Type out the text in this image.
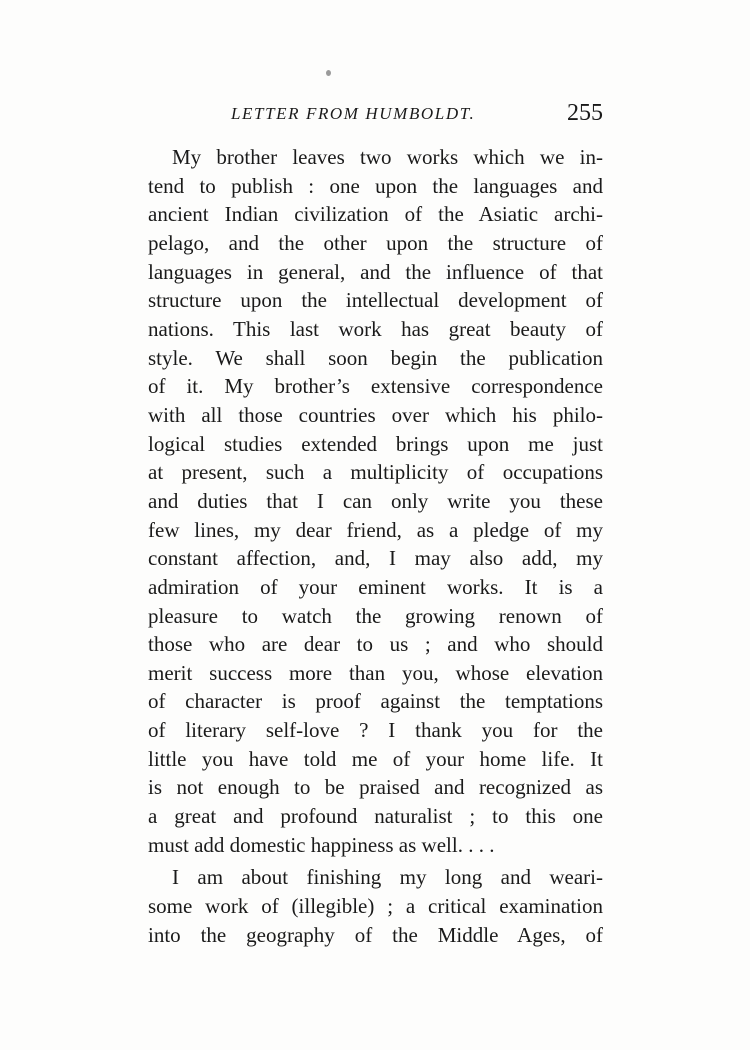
LETTER FROM HUMBOLDT.	255
My brother leaves two works which we in-
tend to publish : one upon the languages and
ancient Indian civilization of the Asiatic archi-
pelago, and the other upon the structure of
languages in general, and the influence of that
structure upon the intellectual development of
nations. This last work has great beauty of
style. We shall soon begin the publication
of it. My brother’s extensive correspondence
with all those countries over which his philo-
logical studies extended brings upon me just
at present, such a multiplicity of occupations
and duties that I can only write you these
few lines, my dear friend, as a pledge of my
constant affection, and, I may also add, my
admiration of your eminent works. It is a
pleasure to watch the growing renown of
those who are dear to us ; and who should
merit success more than you, whose elevation
of character is proof against the temptations
of literary self-love ? I thank you for the
little you have told me of your home life. It
is not enough to be praised and recognized as
a great and profound naturalist ; to this one
must add domestic happiness as well. . . .
I am about finishing my long and weari-
some work of (illegible) ; a critical examination
into the geography of the Middle Ages, of
